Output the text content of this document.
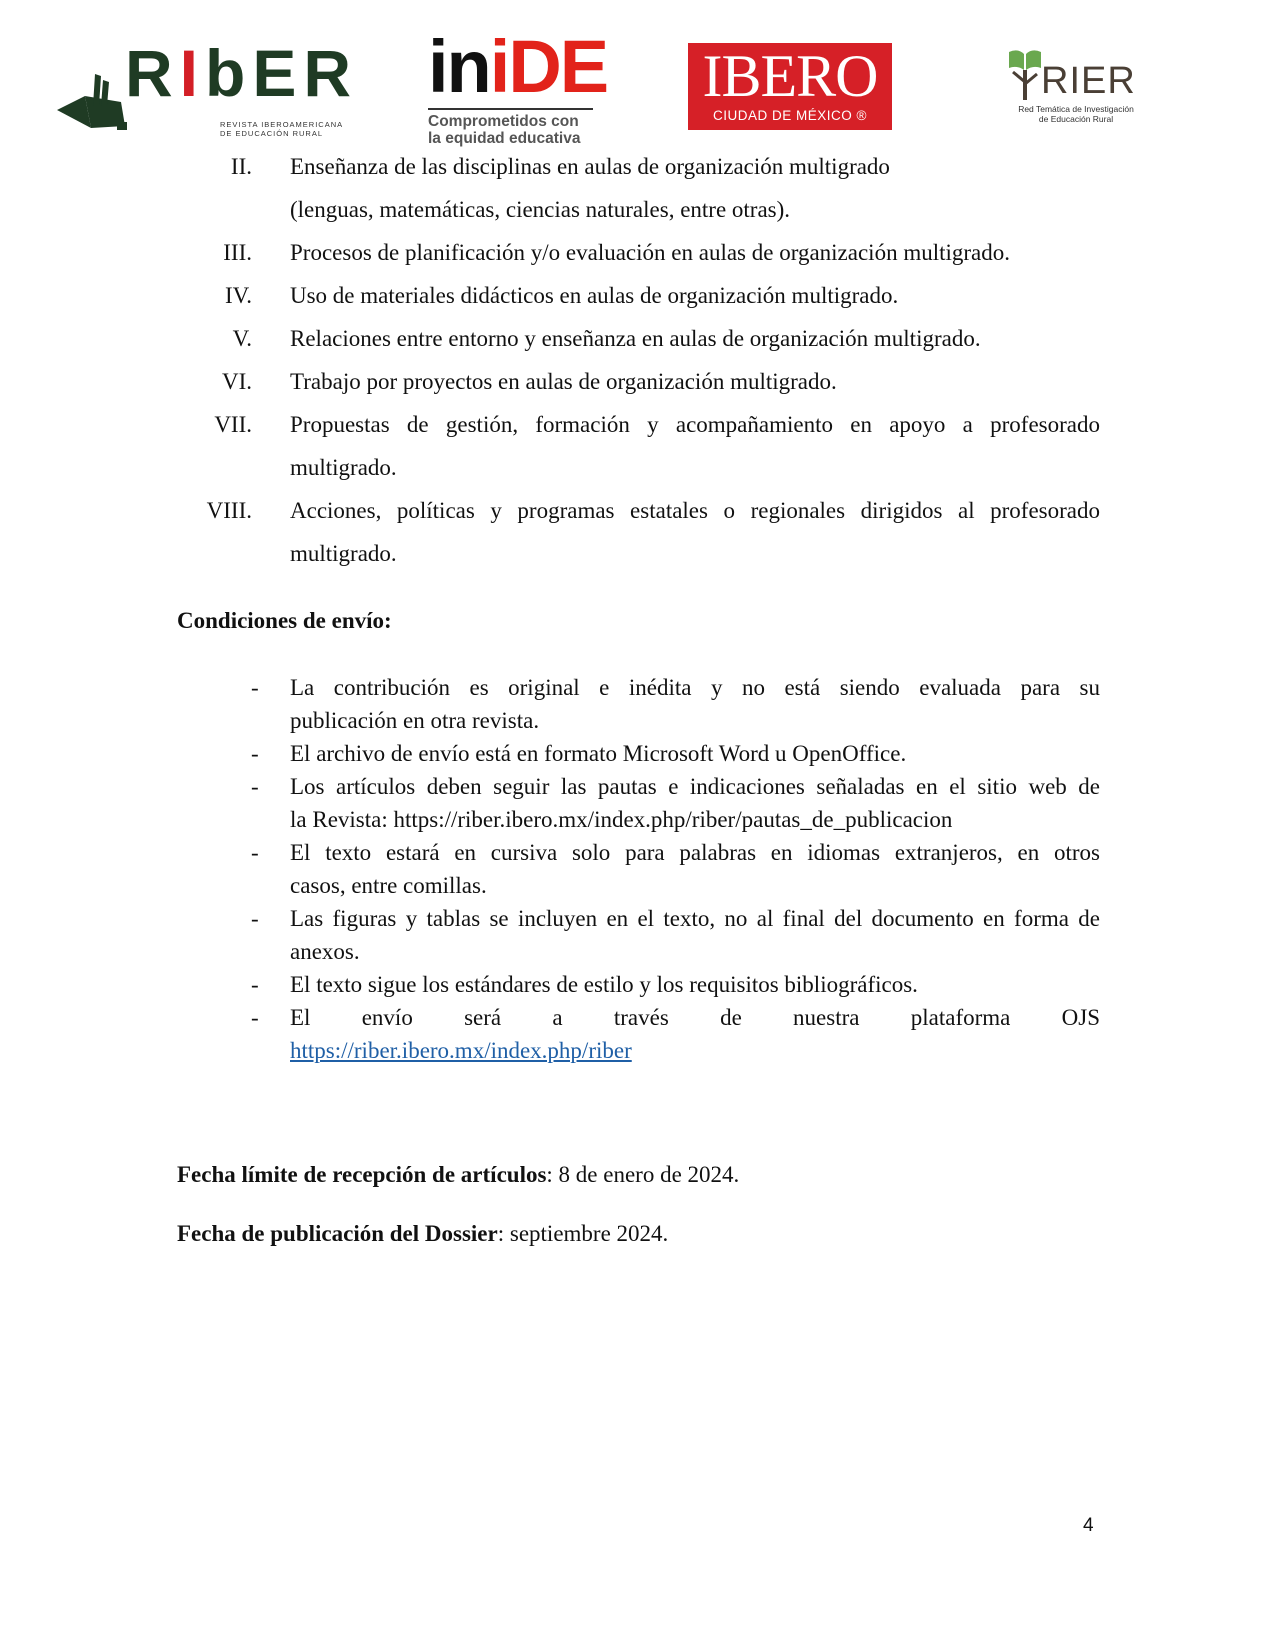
RIbER
REVISTA IBEROAMERICANA
DE EDUCACIÓN RURAL
iniDE
Comprometidos con
la equidad educativa
IBERO
CIUDAD DE MÉXICO ®
RIER
Red Temática de Investigación
de Educación Rural
II. Enseñanza de las disciplinas en aulas de organización multigrado
(lenguas, matemáticas, ciencias naturales, entre otras).
III. Procesos de planificación y/o evaluación en aulas de organización multigrado.
IV. Uso de materiales didácticos en aulas de organización multigrado.
V. Relaciones entre entorno y enseñanza en aulas de organización multigrado.
VI. Trabajo por proyectos en aulas de organización multigrado.
VII. Propuestas de gestión, formación y acompañamiento en apoyo a profesorado
multigrado.
VIII. Acciones, políticas y programas estatales o regionales dirigidos al profesorado
multigrado.
Condiciones de envío:
- La contribución es original e inédita y no está siendo evaluada para su
publicación en otra revista.
- El archivo de envío está en formato Microsoft Word u OpenOffice.
- Los artículos deben seguir las pautas e indicaciones señaladas en el sitio web de
la Revista: https://riber.ibero.mx/index.php/riber/pautas_de_publicacion
- El texto estará en cursiva solo para palabras en idiomas extranjeros, en otros
casos, entre comillas.
- Las figuras y tablas se incluyen en el texto, no al final del documento en forma de
anexos.
- El texto sigue los estándares de estilo y los requisitos bibliográficos.
- El envío será a través de nuestra plataforma OJS
https://riber.ibero.mx/index.php/riber
Fecha límite de recepción de artículos: 8 de enero de 2024.
Fecha de publicación del Dossier: septiembre 2024.
4
